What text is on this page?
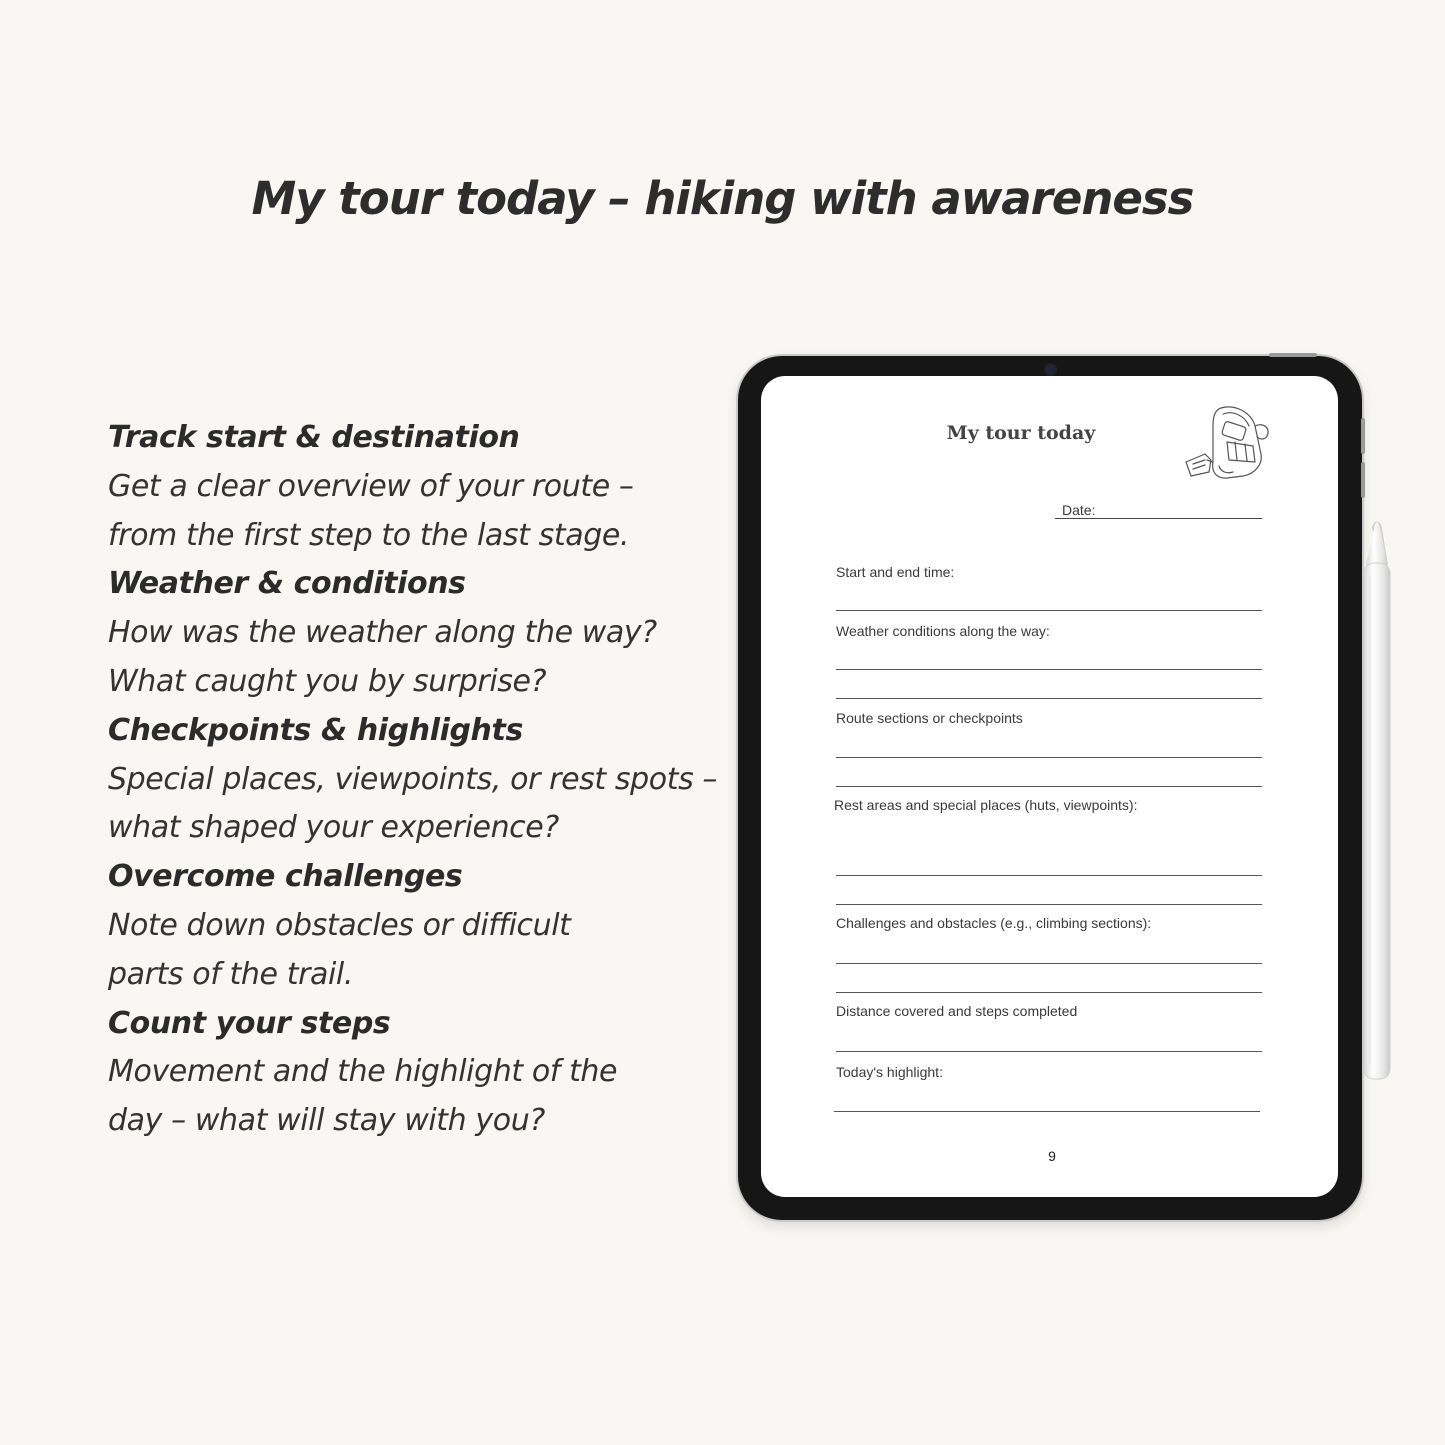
My tour today – hiking with awareness
Track start & destination
Get a clear overview of your route –
from the first step to the last stage.
Weather & conditions
How was the weather along the way?
What caught you by surprise?
Checkpoints & highlights
Special places, viewpoints, or rest spots –
what shaped your experience?
Overcome challenges
Note down obstacles or difficult
parts of the trail.
Count your steps
Movement and the highlight of the
day – what will stay with you?
My tour today
Date:
Start and end time:
Weather conditions along the way:
Route sections or checkpoints
Rest areas and special places (huts, viewpoints):
Challenges and obstacles (e.g., climbing sections):
Distance covered and steps completed
Today's highlight:
9
